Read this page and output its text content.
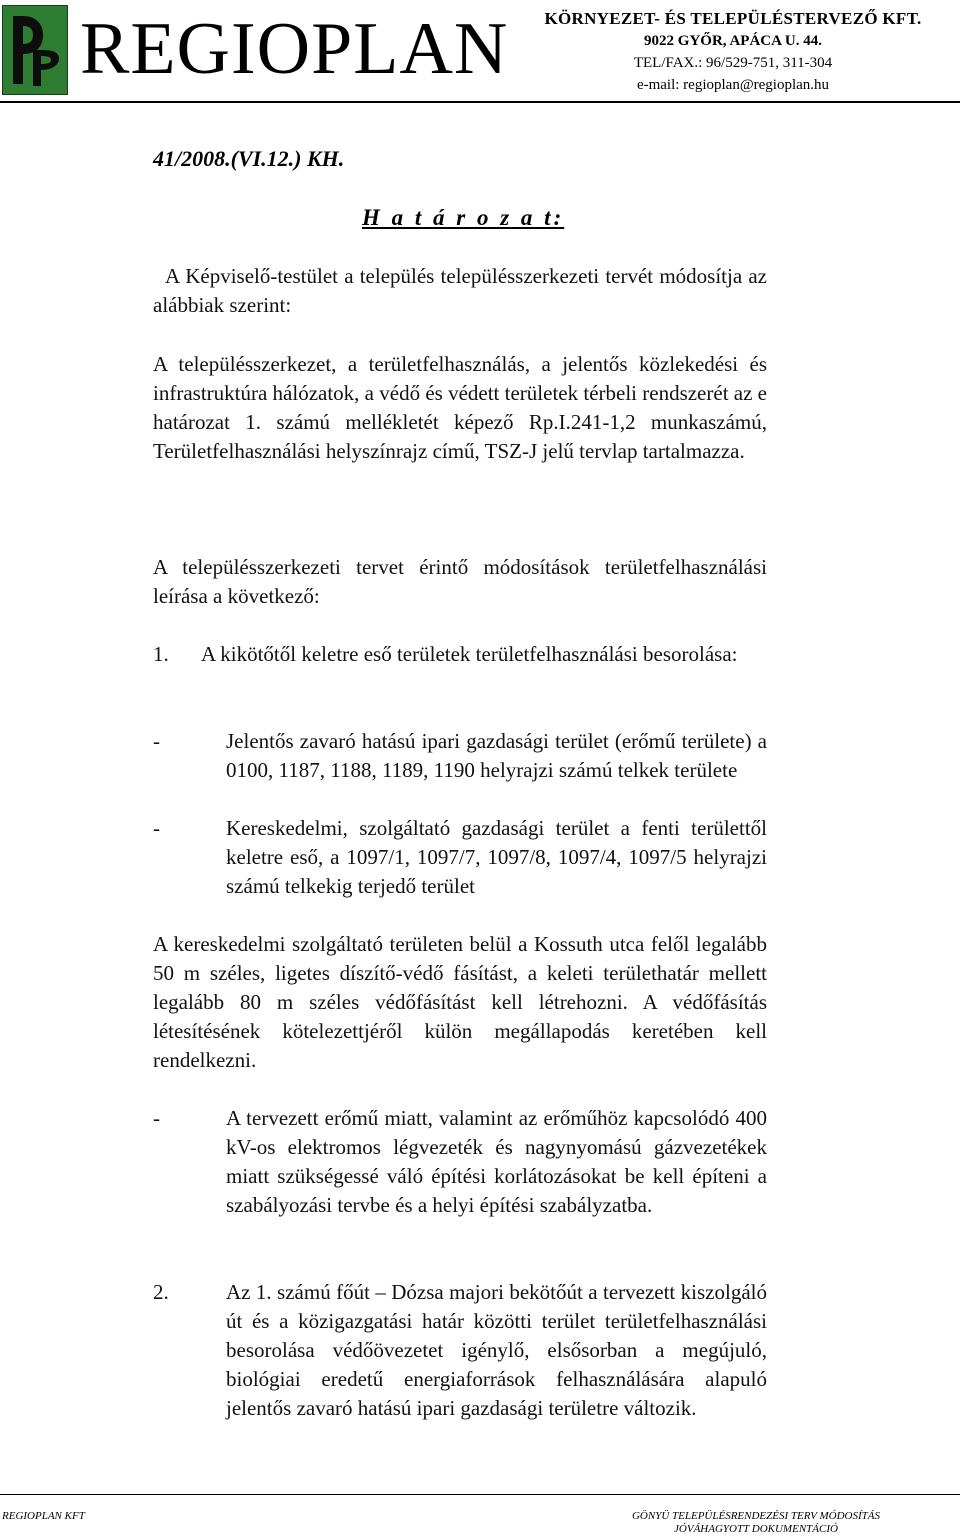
REGIOPLAN	KÖRNYEZET- ÉS TELEPÜLÉSTERVEZŐ KFT.
9022 GYŐR, APÁCA U. 44.
TEL/FAX.: 96/529-751, 311-304
e-mail: regioplan@regioplan.hu
41/2008.(VI.12.) KH.
H a t á r o z a t:
A Képviselő-testület a település településszerkezeti tervét módosítja az alábbiak szerint:
A településszerkezet, a területfelhasználás, a jelentős közlekedési és infrastruktúra hálózatok, a védő és védett területek térbeli rendszerét az e határozat 1. számú mellékletét képező Rp.I.241-1,2 munkaszámú, Területfelhasználási helyszínrajz című, TSZ-J jelű tervlap tartalmazza.
A településszerkezeti tervet érintő módosítások területfelhasználási leírása a következő:
1.	A kikötőtől keletre eső területek területfelhasználási besorolása:
-	Jelentős zavaró hatású ipari gazdasági terület (erőmű területe) a 0100, 1187, 1188, 1189, 1190 helyrajzi számú telkek területe
-	Kereskedelmi, szolgáltató gazdasági terület a fenti területtől keletre eső, a 1097/1, 1097/7, 1097/8, 1097/4, 1097/5 helyrajzi számú telkekig terjedő terület
A kereskedelmi szolgáltató területen belül a Kossuth utca felől legalább 50 m széles, ligetes díszítő-védő fásítást, a keleti területhatár mellett legalább 80 m széles védőfásítást kell létrehozni. A védőfásítás létesítésének kötelezettjéről külön megállapodás keretében kell rendelkezni.
-	A tervezett erőmű miatt, valamint az erőműhöz kapcsolódó 400 kV-os elektromos légvezeték és nagynyomású gázvezetékek miatt szükségessé váló építési korlátozásokat be kell építeni a szabályozási tervbe és a helyi építési szabályzatba.
2.	Az 1. számú főút – Dózsa majori bekötőút a tervezett kiszolgáló út és a közigazgatási határ közötti terület területfelhasználási besorolása védőövezetet igénylő, elsősorban a megújuló, biológiai eredetű energiaforrások felhasználására alapuló jelentős zavaró hatású ipari gazdasági területre változik.
REGIOPLAN KFT	GÖNYÜ TELEPÜLÉSRENDEZÉSI TERV MÓDOSÍTÁS
JÓVÁHAGYOTT DOKUMENTÁCIÓ
